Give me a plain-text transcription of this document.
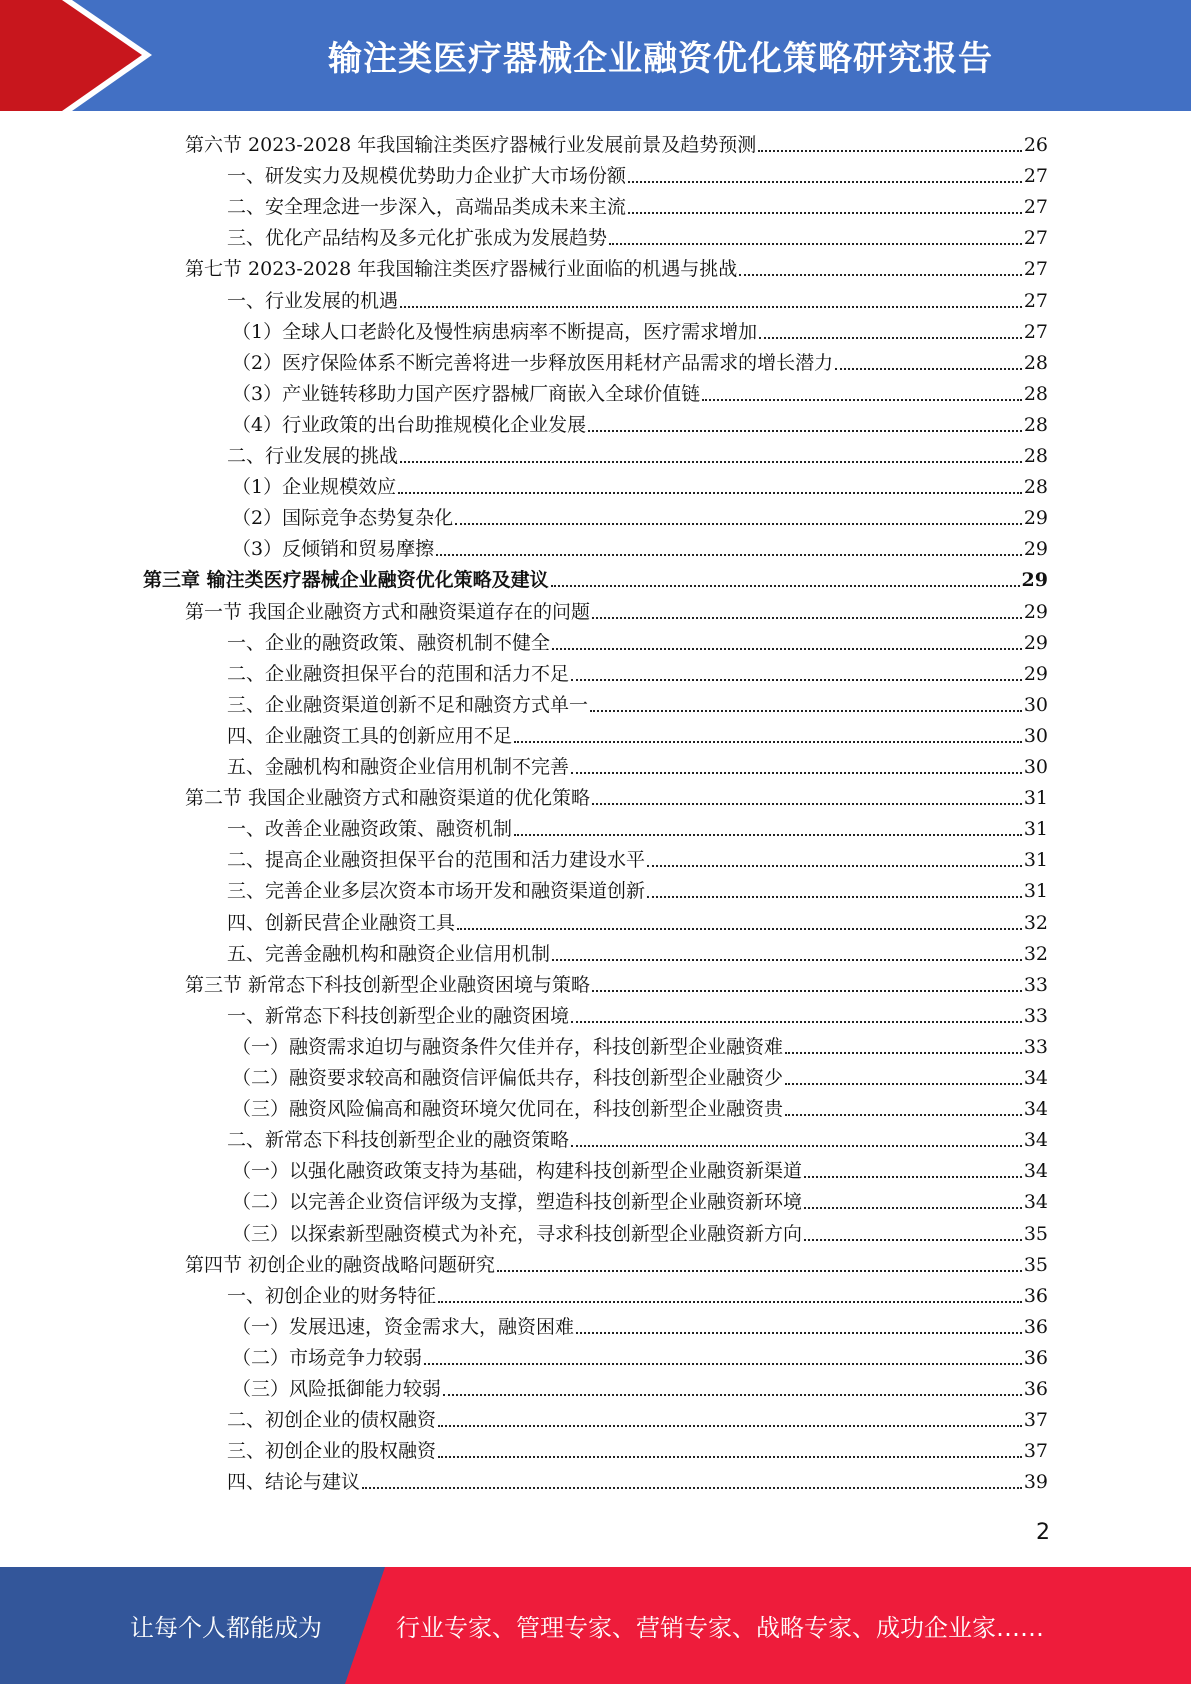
输注类医疗器械企业融资优化策略研究报告
第六节 2023-2028 年我国输注类医疗器械行业发展前景及趋势预测	26
一、研发实力及规模优势助力企业扩大市场份额	27
二、安全理念进一步深入，高端品类成未来主流	27
三、优化产品结构及多元化扩张成为发展趋势	27
第七节 2023-2028 年我国输注类医疗器械行业面临的机遇与挑战	27
一、行业发展的机遇	27
（1）全球人口老龄化及慢性病患病率不断提高，医疗需求增加	27
（2）医疗保险体系不断完善将进一步释放医用耗材产品需求的增长潜力	28
（3）产业链转移助力国产医疗器械厂商嵌入全球价值链	28
（4）行业政策的出台助推规模化企业发展	28
二、行业发展的挑战	28
（1）企业规模效应	28
（2）国际竞争态势复杂化	29
（3）反倾销和贸易摩擦	29
第三章 输注类医疗器械企业融资优化策略及建议	29
第一节 我国企业融资方式和融资渠道存在的问题	29
一、企业的融资政策、融资机制不健全	29
二、企业融资担保平台的范围和活力不足	29
三、企业融资渠道创新不足和融资方式单一	30
四、企业融资工具的创新应用不足	30
五、金融机构和融资企业信用机制不完善	30
第二节 我国企业融资方式和融资渠道的优化策略	31
一、改善企业融资政策、融资机制	31
二、提高企业融资担保平台的范围和活力建设水平	31
三、完善企业多层次资本市场开发和融资渠道创新	31
四、创新民营企业融资工具	32
五、完善金融机构和融资企业信用机制	32
第三节 新常态下科技创新型企业融资困境与策略	33
一、新常态下科技创新型企业的融资困境	33
（一）融资需求迫切与融资条件欠佳并存，科技创新型企业融资难	33
（二）融资要求较高和融资信评偏低共存，科技创新型企业融资少	34
（三）融资风险偏高和融资环境欠优同在，科技创新型企业融资贵	34
二、新常态下科技创新型企业的融资策略	34
（一）以强化融资政策支持为基础，构建科技创新型企业融资新渠道	34
（二）以完善企业资信评级为支撑，塑造科技创新型企业融资新环境	34
（三）以探索新型融资模式为补充，寻求科技创新型企业融资新方向	35
第四节 初创企业的融资战略问题研究	35
一、初创企业的财务特征	36
（一）发展迅速，资金需求大，融资困难	36
（二）市场竞争力较弱	36
（三）风险抵御能力较弱	36
二、初创企业的债权融资	37
三、初创企业的股权融资	37
四、结论与建议	39
2
让每个人都能成为	行业专家、管理专家、营销专家、战略专家、成功企业家……
